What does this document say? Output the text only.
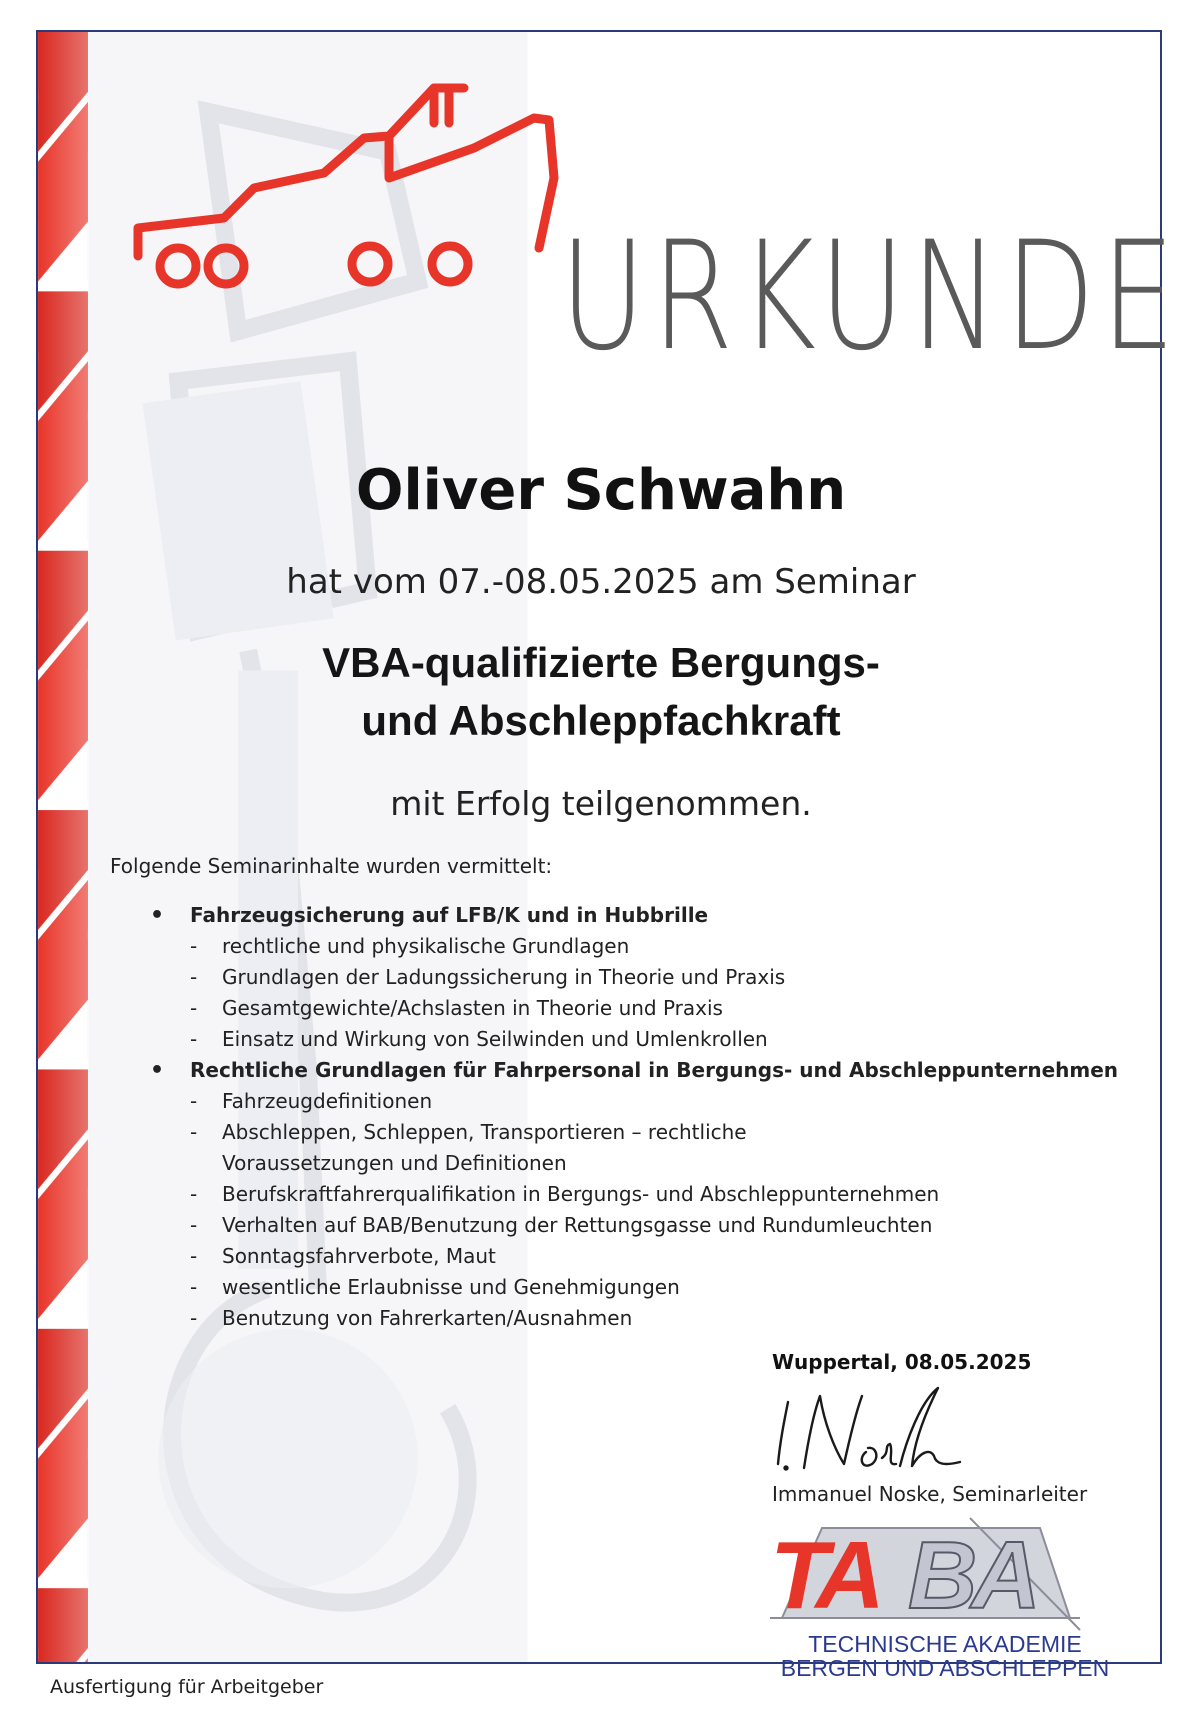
URKUNDE
Oliver Schwahn
hat vom 07.-08.05.2025 am Seminar
VBA-qualifizierte Bergungs-
und Abschleppfachkraft
mit Erfolg teilgenommen.
Folgende Seminarinhalte wurden vermittelt:
• Fahrzeugsicherung auf LFB/K und in Hubbrille
- rechtliche und physikalische Grundlagen
- Grundlagen der Ladungssicherung in Theorie und Praxis
- Gesamtgewichte/Achslasten in Theorie und Praxis
- Einsatz und Wirkung von Seilwinden und Umlenkrollen
• Rechtliche Grundlagen für Fahrpersonal in Bergungs- und Abschleppunternehmen
- Fahrzeugdefinitionen
- Abschleppen, Schleppen, Transportieren – rechtliche
Voraussetzungen und Definitionen
- Berufskraftfahrerqualifikation in Bergungs- und Abschleppunternehmen
- Verhalten auf BAB/Benutzung der Rettungsgasse und Rundumleuchten
- Sonntagsfahrverbote, Maut
- wesentliche Erlaubnisse und Genehmigungen
- Benutzung von Fahrerkarten/Ausnahmen
Wuppertal, 08.05.2025
Immanuel Noske, Seminarleiter
TA BA
TECHNISCHE AKADEMIE
BERGEN UND ABSCHLEPPEN
Ausfertigung für Arbeitgeber
